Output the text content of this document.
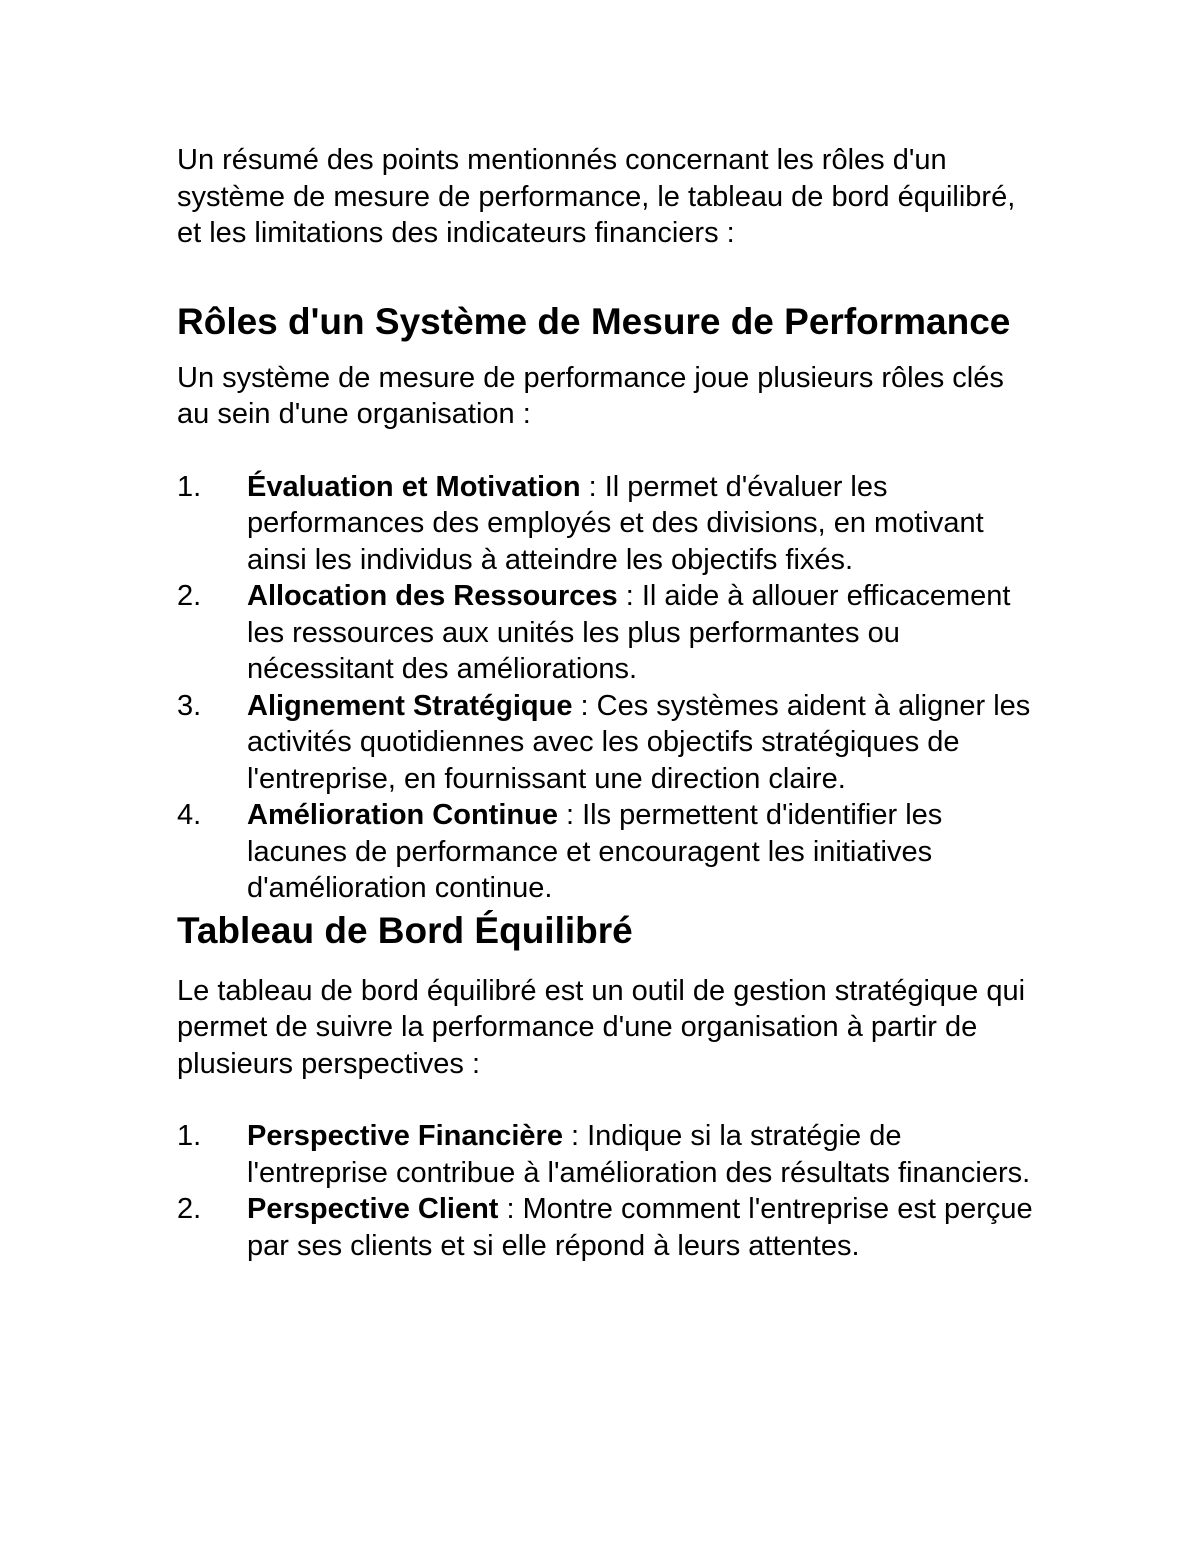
Un résumé des points mentionnés concernant les rôles d'un système de mesure de performance, le tableau de bord équilibré, et les limitations des indicateurs financiers :

Rôles d'un Système de Mesure de Performance

Un système de mesure de performance joue plusieurs rôles clés au sein d'une organisation :

1. Évaluation et Motivation : Il permet d'évaluer les performances des employés et des divisions, en motivant ainsi les individus à atteindre les objectifs fixés.
2. Allocation des Ressources : Il aide à allouer efficacement les ressources aux unités les plus performantes ou nécessitant des améliorations.
3. Alignement Stratégique : Ces systèmes aident à aligner les activités quotidiennes avec les objectifs stratégiques de l'entreprise, en fournissant une direction claire.
4. Amélioration Continue : Ils permettent d'identifier les lacunes de performance et encouragent les initiatives d'amélioration continue.
Tableau de Bord Équilibré

Le tableau de bord équilibré est un outil de gestion stratégique qui permet de suivre la performance d'une organisation à partir de plusieurs perspectives :

1. Perspective Financière : Indique si la stratégie de l'entreprise contribue à l'amélioration des résultats financiers.
2. Perspective Client : Montre comment l'entreprise est perçue par ses clients et si elle répond à leurs attentes.
